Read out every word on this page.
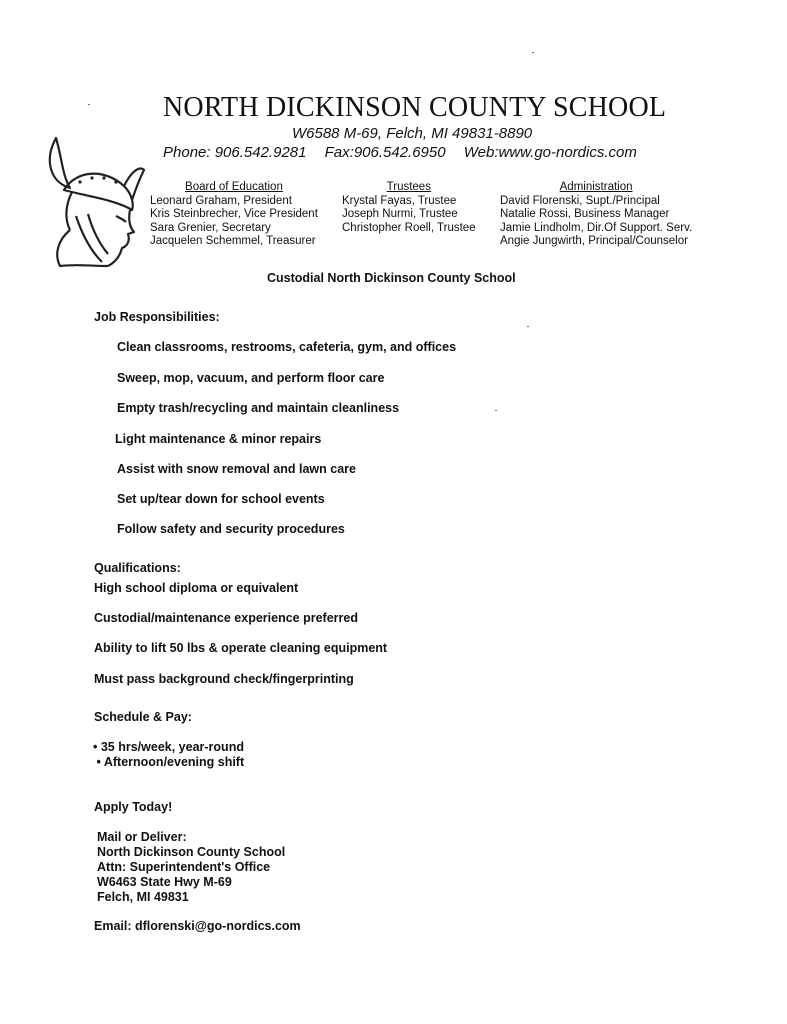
NORTH DICKINSON COUNTY SCHOOL
W6588 M-69, Felch, MI 49831-8890
Phone: 906.542.9281 Fax:906.542.6950 Web:www.go-nordics.com
Board of Education
Leonard Graham, President
Kris Steinbrecher, Vice President
Sara Grenier, Secretary
Jacquelen Schemmel, Treasurer
Trustees
Krystal Fayas, Trustee
Joseph Nurmi, Trustee
Christopher Roell, Trustee
Administration
David Florenski, Supt./Principal
Natalie Rossi, Business Manager
Jamie Lindholm, Dir.Of Support. Serv.
Angie Jungwirth, Principal/Counselor
Custodial North Dickinson County School
Job Responsibilities:
Clean classrooms, restrooms, cafeteria, gym, and offices
Sweep, mop, vacuum, and perform floor care
Empty trash/recycling and maintain cleanliness
Light maintenance & minor repairs
Assist with snow removal and lawn care
Set up/tear down for school events
Follow safety and security procedures
Qualifications:
High school diploma or equivalent
Custodial/maintenance experience preferred
Ability to lift 50 lbs & operate cleaning equipment
Must pass background check/fingerprinting
Schedule & Pay:
• 35 hrs/week, year-round
• Afternoon/evening shift
Apply Today!
Mail or Deliver:
North Dickinson County School
Attn: Superintendent's Office
W6463 State Hwy M-69
Felch, MI 49831
Email: dflorenski@go-nordics.com
